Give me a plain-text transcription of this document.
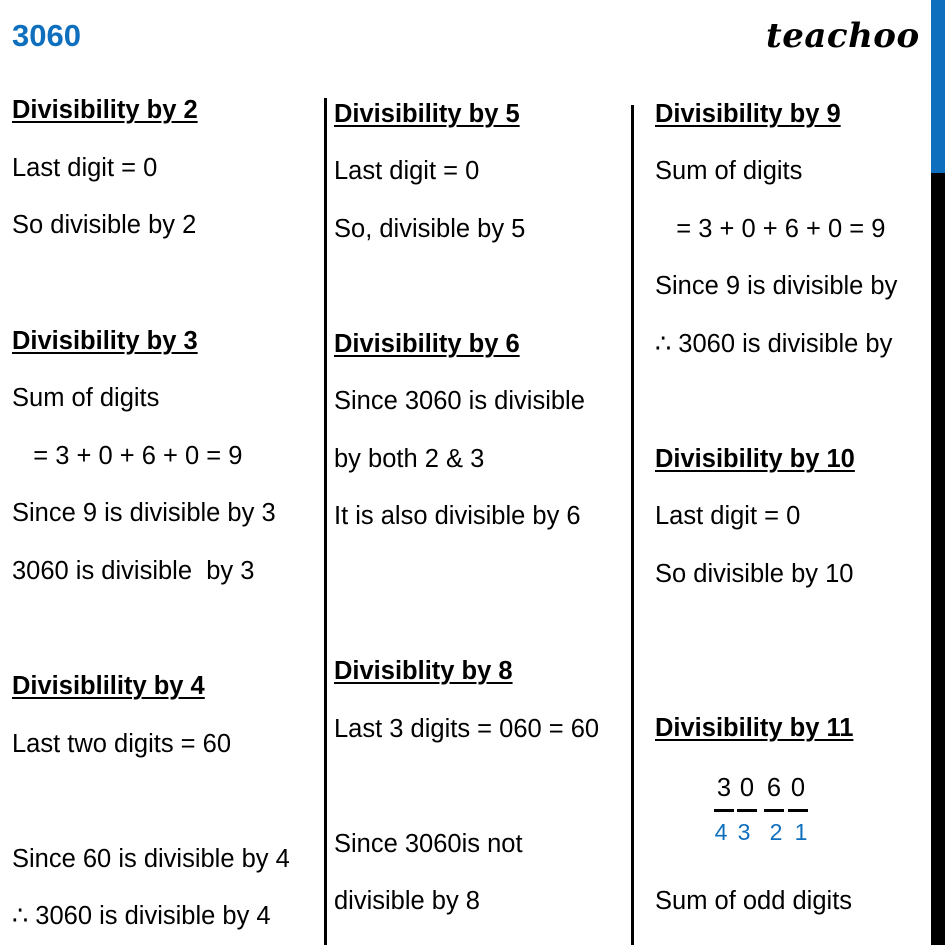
3060	teachoo
Divisibility by 2
Last digit = 0
So divisible by 2
Divisibility by 3
Sum of digits
= 3 + 0 + 6 + 0 = 9
Since 9 is divisible by 3
3060 is divisible  by 3
Divisiblility by 4
Last two digits = 60
Since 60 is divisible by 4
∴ 3060 is divisible by 4
Divisibility by 5
Last digit = 0
So, divisible by 5
Divisibility by 6
Since 3060 is divisible
by both 2 & 3
It is also divisible by 6
Divisiblity by 8
Last 3 digits = 060 = 60
Since 3060is not
divisible by 8
Divisibility by 9
Sum of digits
= 3 + 0 + 6 + 0 = 9
Since 9 is divisible by
∴ 3060 is divisible by
Divisibility by 10
Last digit = 0
So divisible by 10
Divisibility by 11
3 0 6 0
4 3 2 1
Sum of odd digits
